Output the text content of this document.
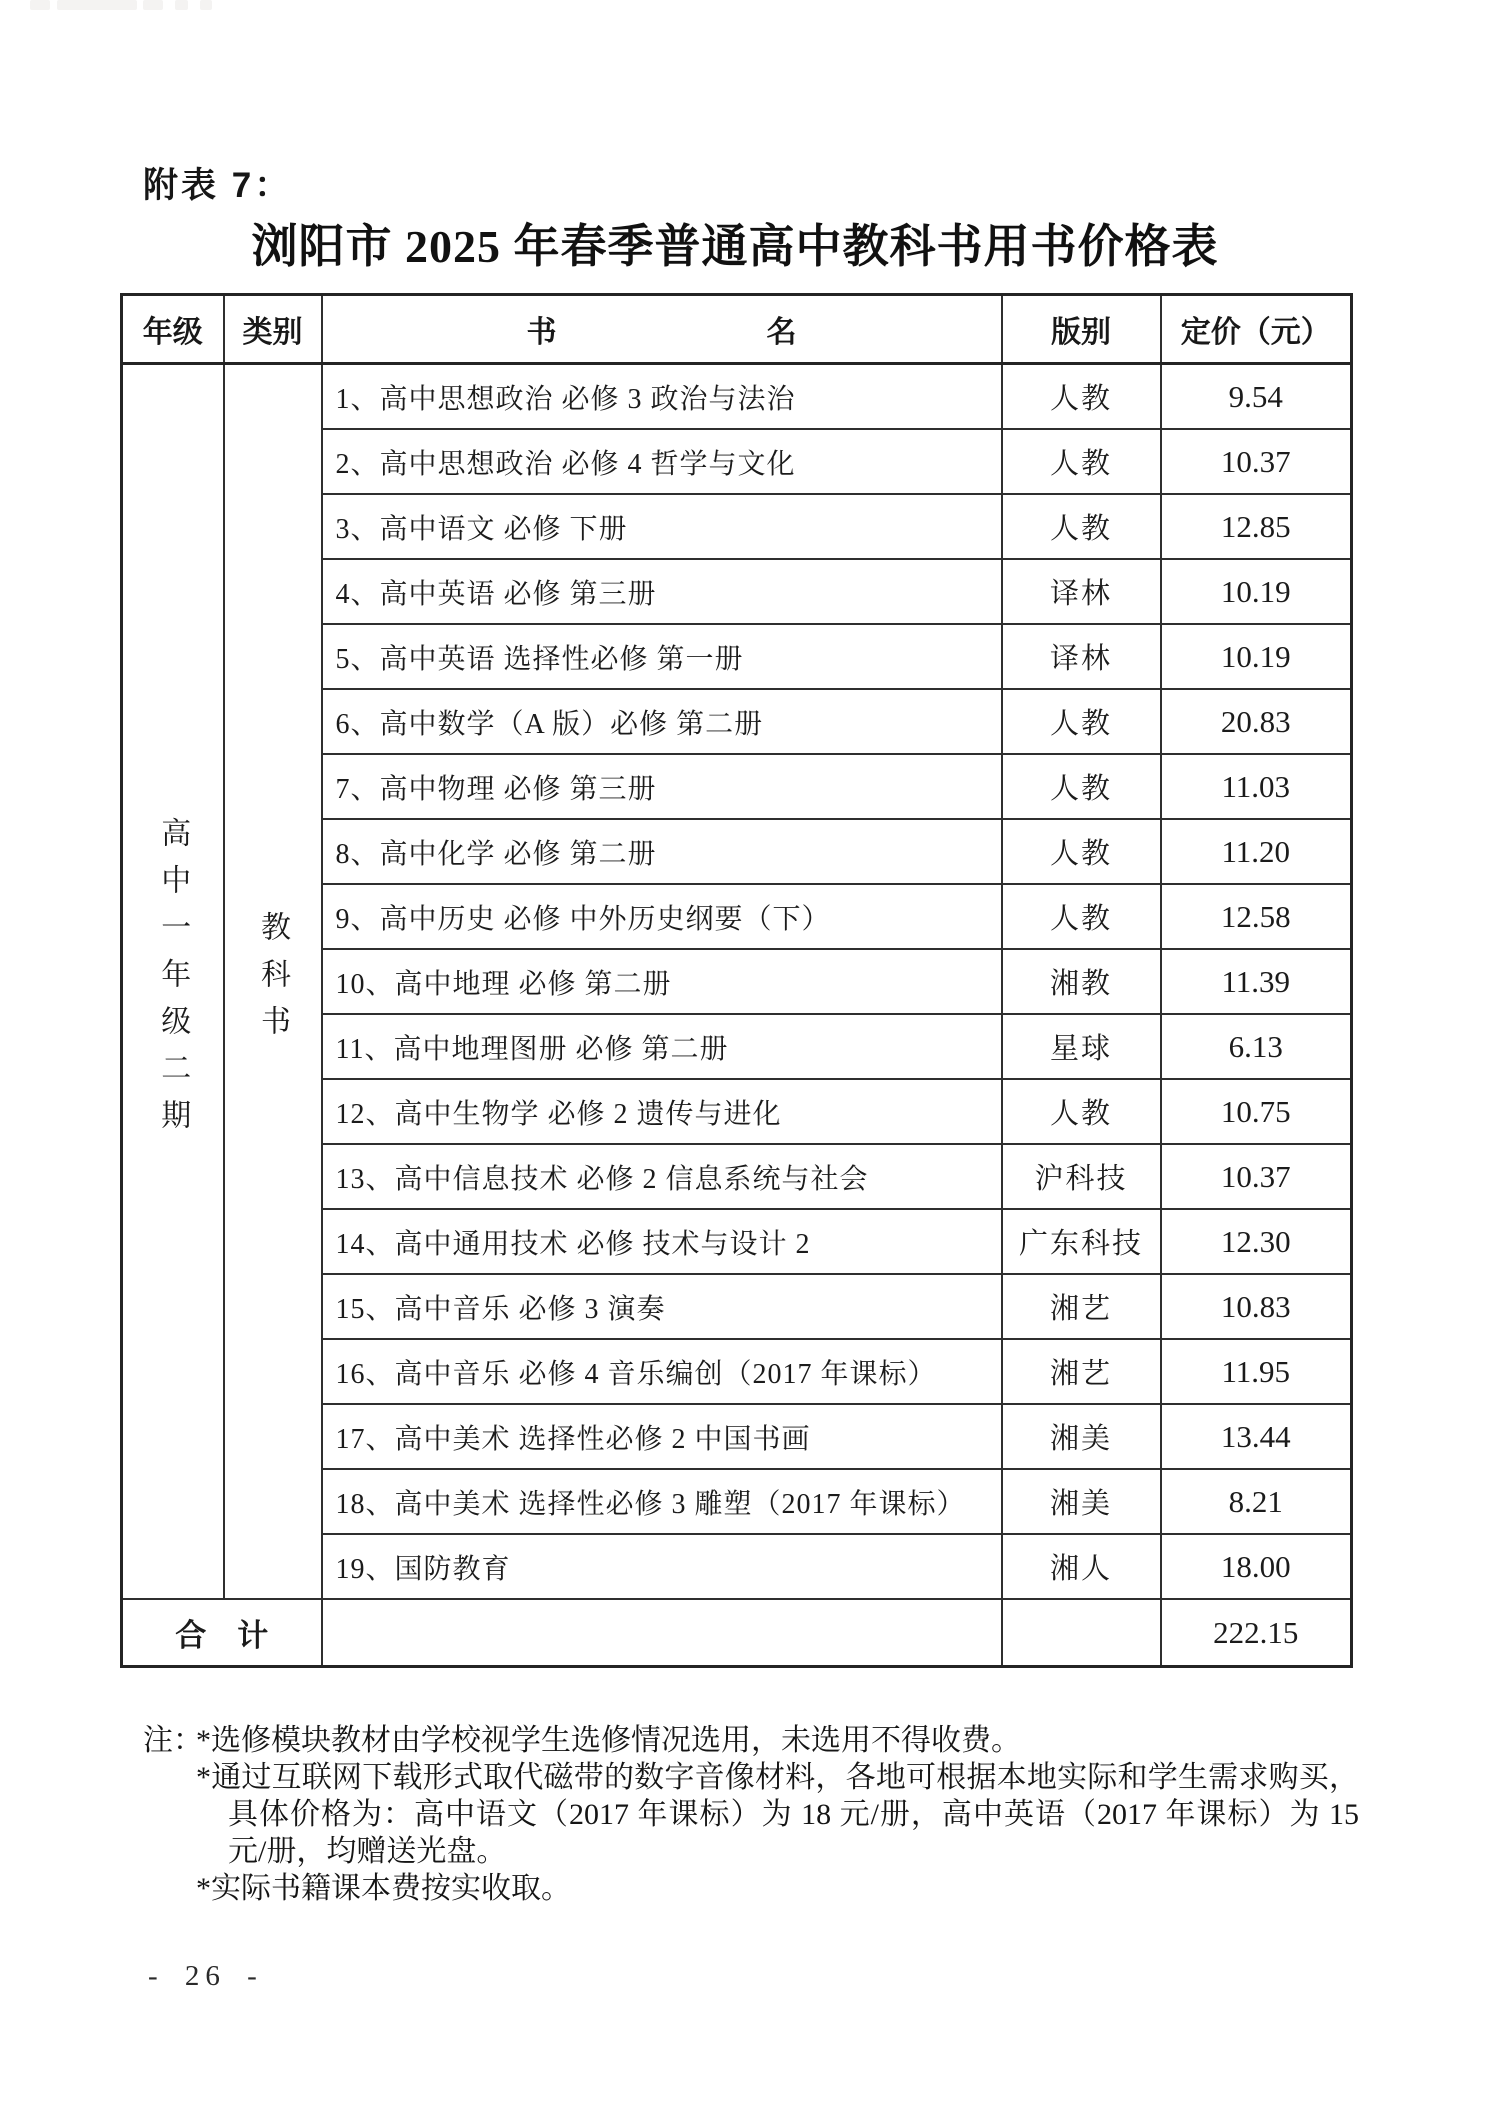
附表 7：
浏阳市 2025 年春季普通高中教科书用书价格表
年级	类别	书　　　　　　　名	版别	定价（元）

高中一年级二期	教科书	1、高中思想政治 必修 3 政治与法治	人教	9.54
		2、高中思想政治 必修 4 哲学与文化	人教	10.37
		3、高中语文 必修 下册	人教	12.85
		4、高中英语 必修 第三册	译林	10.19
		5、高中英语 选择性必修 第一册	译林	10.19
		6、高中数学（A 版）必修 第二册	人教	20.83
		7、高中物理 必修 第三册	人教	11.03
		8、高中化学 必修 第二册	人教	11.20
		9、高中历史 必修 中外历史纲要（下）	人教	12.58
		10、高中地理 必修 第二册	湘教	11.39
		11、高中地理图册 必修 第二册	星球	6.13
		12、高中生物学 必修 2 遗传与进化	人教	10.75
		13、高中信息技术 必修 2 信息系统与社会	沪科技	10.37
		14、高中通用技术 必修 技术与设计 2	广东科技	12.30
		15、高中音乐 必修 3 演奏	湘艺	10.83
		16、高中音乐 必修 4 音乐编创（2017 年课标）	湘艺	11.95
		17、高中美术 选择性必修 2 中国书画	湘美	13.44
		18、高中美术 选择性必修 3 雕塑（2017 年课标）	湘美	8.21
		19、国防教育	湘人	18.00
合　计				222.15
注：

*选修模块教材由学校视学生选修情况选用，未选用不得收费。

*通过互联网下载形式取代磁带的数字音像材料，各地可根据本地实际和学生需求购买，具体价格为：高中语文（2017 年课标）为 18 元/册，高中英语（2017 年课标）为 15 元/册，均赠送光盘。

*实际书籍课本费按实收取。

- 26 -
